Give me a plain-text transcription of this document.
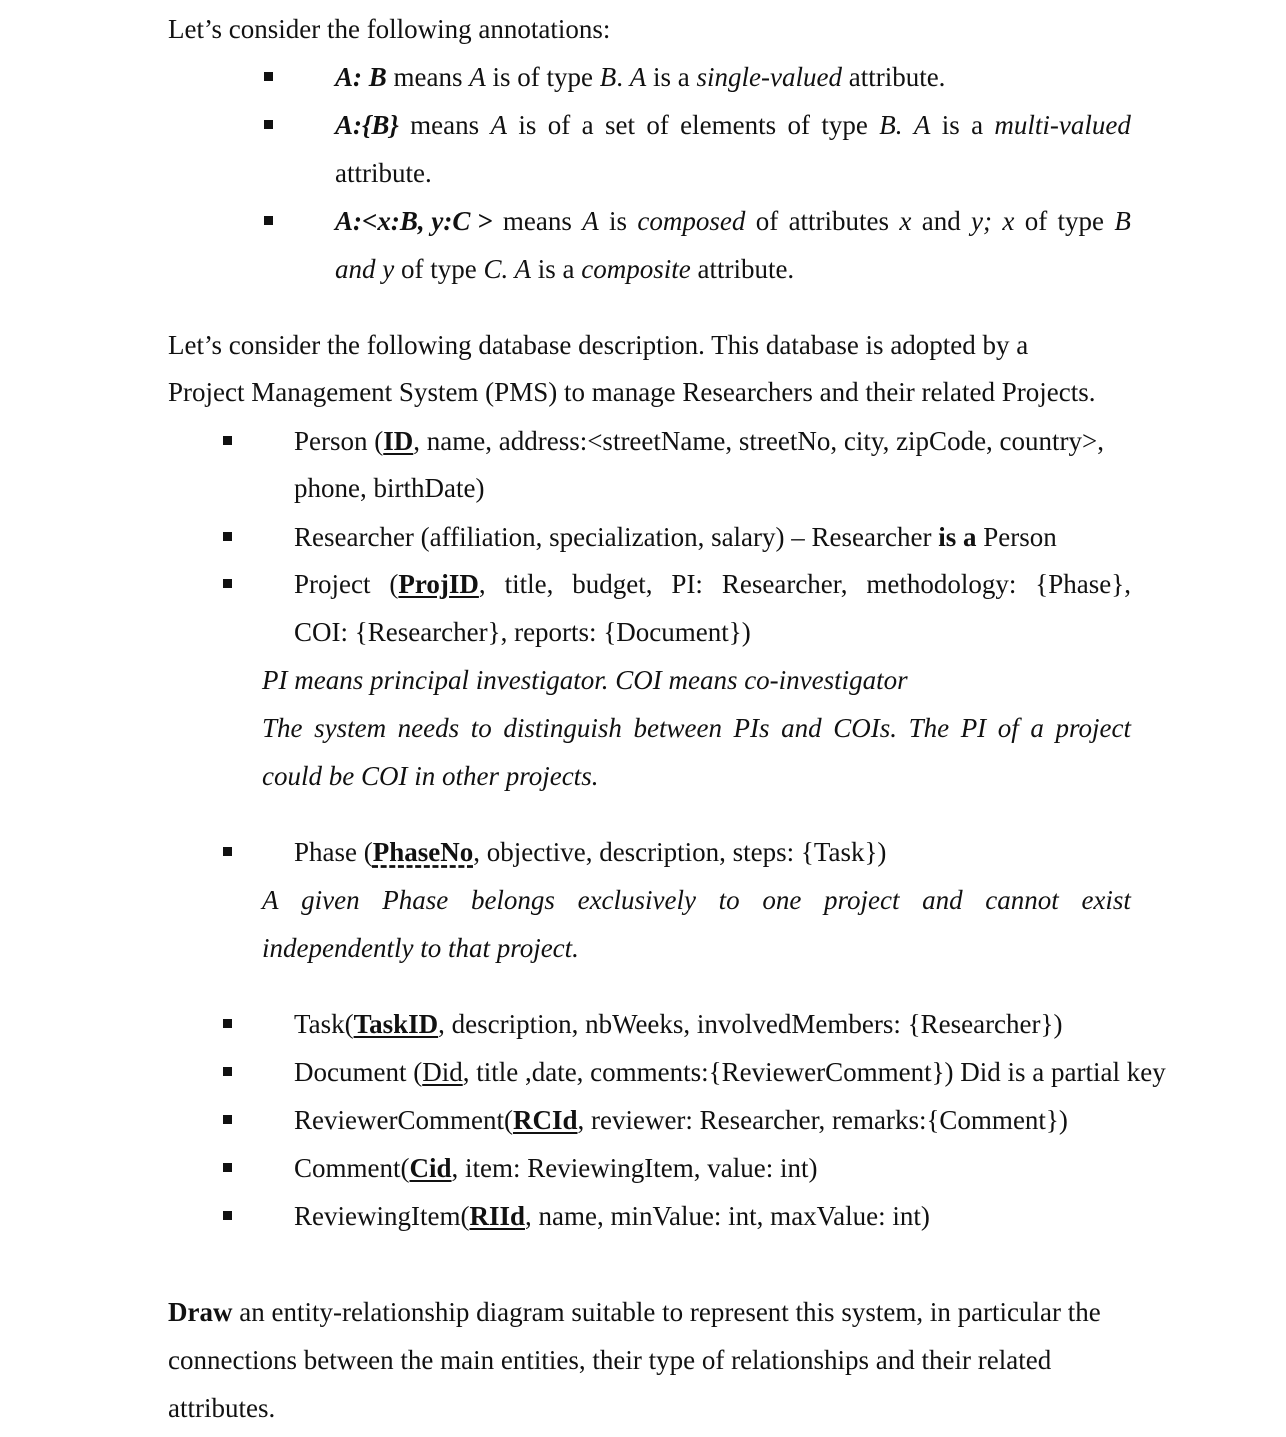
Let’s consider the following annotations:
A: B means A is of type B. A is a single-valued attribute.
A:{B} means A is of a set of elements of type B. A is a multi-valued
attribute.
A:<x:B, y:C > means A is composed of attributes x and y; x of type B
and y of type C. A is a composite attribute.
Let’s consider the following database description. This database is adopted by a
Project Management System (PMS) to manage Researchers and their related Projects.
Person (ID, name, address:<streetName, streetNo, city, zipCode, country>,
phone, birthDate)
Researcher (affiliation, specialization, salary) – Researcher is a Person
Project (ProjID, title, budget, PI: Researcher, methodology: {Phase},
COI: {Researcher}, reports: {Document})
PI means principal investigator. COI means co-investigator
The system needs to distinguish between PIs and COIs. The PI of a project
could be COI in other projects.
Phase (PhaseNo, objective, description, steps: {Task})
A given Phase belongs exclusively to one project and cannot exist
independently to that project.
Task(TaskID, description, nbWeeks, involvedMembers: {Researcher})
Document (Did, title ,date, comments:{ReviewerComment}) Did is a partial key
ReviewerComment(RCId, reviewer: Researcher, remarks:{Comment})
Comment(Cid, item: ReviewingItem, value: int)
ReviewingItem(RIId, name, minValue: int, maxValue: int)
Draw an entity-relationship diagram suitable to represent this system, in particular the
connections between the main entities, their type of relationships and their related
attributes.
